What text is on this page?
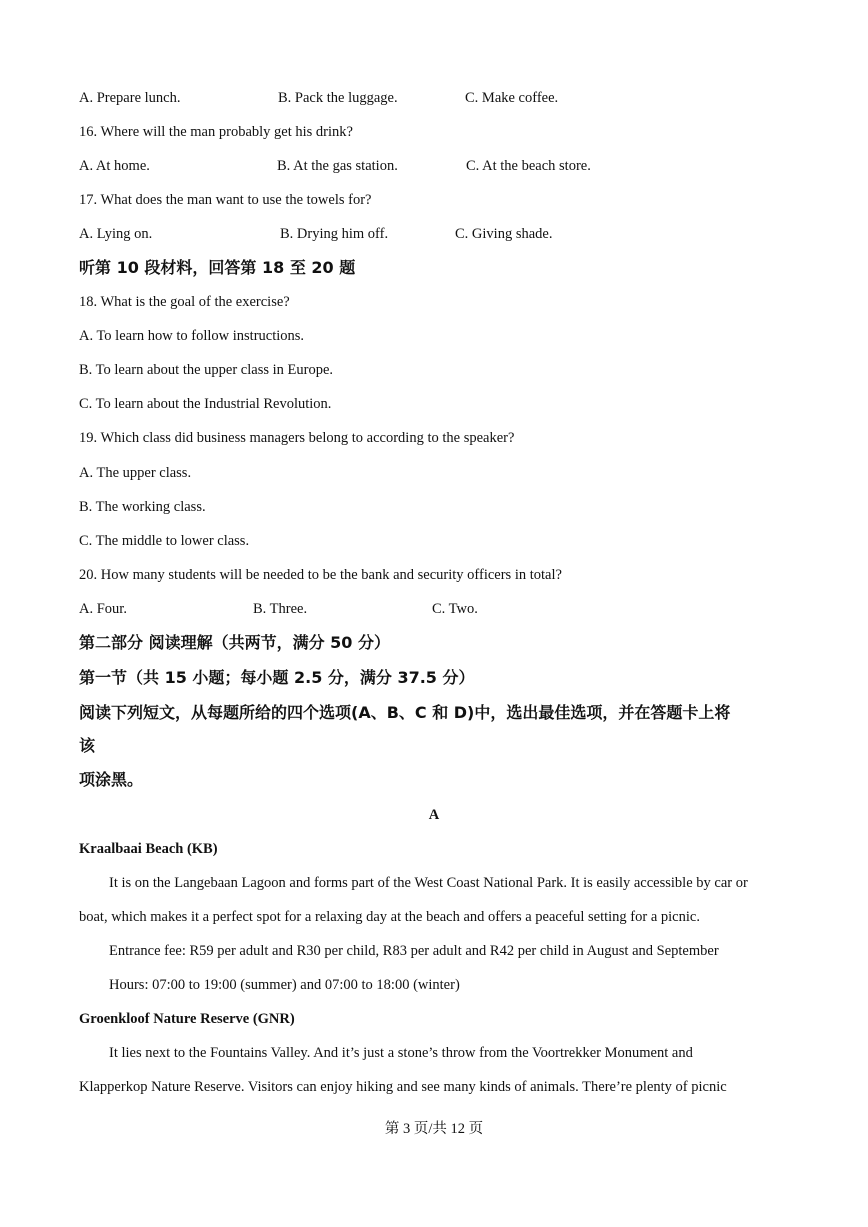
A. Prepare lunch.	B. Pack the luggage.	C. Make coffee.
16. Where will the man probably get his drink?
A. At home.	B. At the gas station.	C. At the beach store.
17. What does the man want to use the towels for?
A. Lying on.	B. Drying him off.	C. Giving shade.
听第 10 段材料，回答第 18 至 20 题
18. What is the goal of the exercise?
A. To learn how to follow instructions.
B. To learn about the upper class in Europe.
C. To learn about the Industrial Revolution.
19. Which class did business managers belong to according to the speaker?
A. The upper class.
B. The working class.
C. The middle to lower class.
20. How many students will be needed to be the bank and security officers in total?
A. Four.	B. Three.	C. Two.
第二部分 阅读理解（共两节，满分 50 分）
第一节（共 15 小题；每小题 2.5 分，满分 37.5 分）
阅读下列短文，从每题所给的四个选项(A、B、C 和 D)中，选出最佳选项，并在答题卡上将
该
项涂黑。
A
Kraalbaai Beach (KB)
It is on the Langebaan Lagoon and forms part of the West Coast National Park. It is easily accessible by car or
boat, which makes it a perfect spot for a relaxing day at the beach and offers a peaceful setting for a picnic.
Entrance fee: R59 per adult and R30 per child, R83 per adult and R42 per child in August and September
Hours: 07:00 to 19:00 (summer) and 07:00 to 18:00 (winter)
Groenkloof Nature Reserve (GNR)
It lies next to the Fountains Valley. And it’s just a stone’s throw from the Voortrekker Monument and
Klapperkop Nature Reserve. Visitors can enjoy hiking and see many kinds of animals. There’re plenty of picnic
第 3 页/共 12 页
